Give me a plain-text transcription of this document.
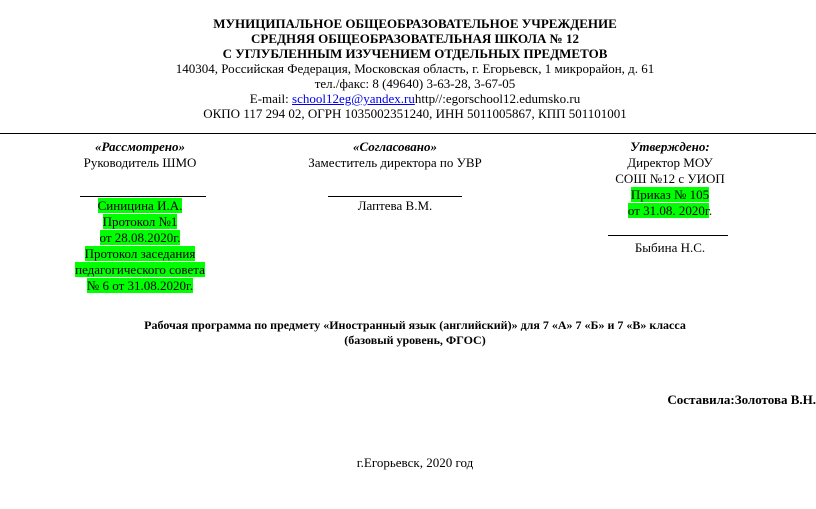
МУНИЦИПАЛЬНОЕ ОБЩЕОБРАЗОВАТЕЛЬНОЕ УЧРЕЖДЕНИЕ
СРЕДНЯЯ ОБЩЕОБРАЗОВАТЕЛЬНАЯ ШКОЛА № 12
С УГЛУБЛЕННЫМ ИЗУЧЕНИЕМ ОТДЕЛЬНЫХ ПРЕДМЕТОВ
140304, Российская Федерация, Московская область, г. Егорьевск, 1 микрорайон, д. 61
тел./факс: 8 (49640) 3-63-28, 3-67-05
E-mail: school12eg@yandex.ruhttp//:egorschool12.edumsko.ru
ОКПО 117 294 02, ОГРН 1035002351240, ИНН 5011005867, КПП 501101001
«Рассмотрено»
Руководитель ШМО
Синицина И.А.
Протокол №1
от 28.08.2020г.
Протокол заседания
педагогического совета
№ 6 от 31.08.2020г.
«Согласовано»
Заместитель директора по УВР
Лаптева В.М.
Утверждено:
Директор МОУ
СОШ №12 с УИОП
Приказ № 105
от 31.08. 2020г.
Быбина Н.С.
Рабочая программа по предмету «Иностранный язык (английский)» для 7 «А» 7 «Б» и 7 «В» класса
(базовый уровень, ФГОС)
Составила:Золотова В.Н.
г.Егорьевск, 2020 год
